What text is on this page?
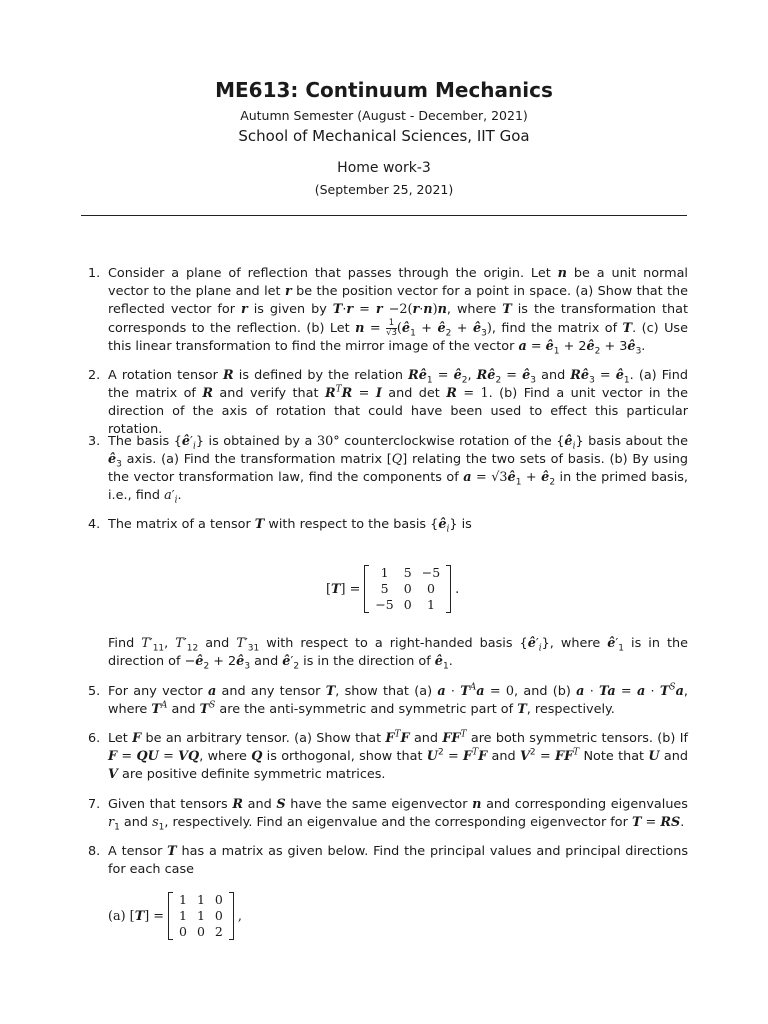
ME613: Continuum Mechanics
Autumn Semester (August - December, 2021)
School of Mechanical Sciences, IIT Goa
Home work-3
(September 25, 2021)
1. Consider a plane of reflection that passes through the origin. Let n be a unit normal vector to the plane and let r be the position vector for a point in space. (a) Show that the reflected vector for r is given by T·r = r −2(r·n)n, where T is the transformation that corresponds to the reflection. (b) Let $n = \frac{1}{√3}$ ($ê_1$ + $ê_2$ + $ê_3$), find the matrix of T. (c) Use this linear transformation to find the mirror image of the vector $a = ê_1$ + $2ê_2$ + $3ê_3$.
2. A rotation tensor R is defined by the relation $Rê_1$ = $ê_2$, $Rê_2$ = $ê_3$ and $Rê_3$ = $ê_1$. (a) Find the matrix of R and verify that $R^TR = I$ and det R = 1. (b) Find a unit vector in the direction of the axis of rotation that could have been used to effect this particular rotation.
3. The basis $\{ê'_i\}$ is obtained by a 30° counterclockwise rotation of the $\{ê_i\}$ basis about the $ê_3$ axis. (a) Find the transformation matrix [Q] relating the two sets of basis. (b) By using the vector transformation law, find the components of $a = √3ê_1$ + $ê_2$ in the primed basis, i.e., find $a'_i$.
4. The matrix of a tensor T with respect to the basis $\{ê_i\}$ is
[T] =
1	5	−5
5	0	0
−5	0	1
.
Find $T'_{11}$, $T'_{12}$ and $T'_{31}$ with respect to a right-handed basis $\{ê'_i\}$, where $ê'_1$ is in the direction of $-ê_2$ + $2ê_3$ and $ê'_2$ is in the direction of $ê_1$.
5. For any vector a and any tensor T, show that (a) $a \cdot T^Aa = 0$, and (b) $a \cdot Ta = a \cdot T^Sa$, where $T^A$ and $T^S$ are the anti-symmetric and symmetric part of T, respectively.
6. Let F be an arbitrary tensor. (a) Show that $F^TF$ and $FF^T$ are both symmetric tensors. (b) If F = QU = VQ, where Q is orthogonal, show that $U^2 = F^TF$ and $V^2 = FF^T$ Note that U and V are positive definite symmetric matrices.
7. Given that tensors R and S have the same eigenvector n and corresponding eigenvalues $r_1$ and $s_1$, respectively. Find an eigenvalue and the corresponding eigenvector for T = RS.
8. A tensor T has a matrix as given below. Find the principal values and principal directions for each case
(a) [T] =
1	1	0
1	1	0
0	0	2
,
